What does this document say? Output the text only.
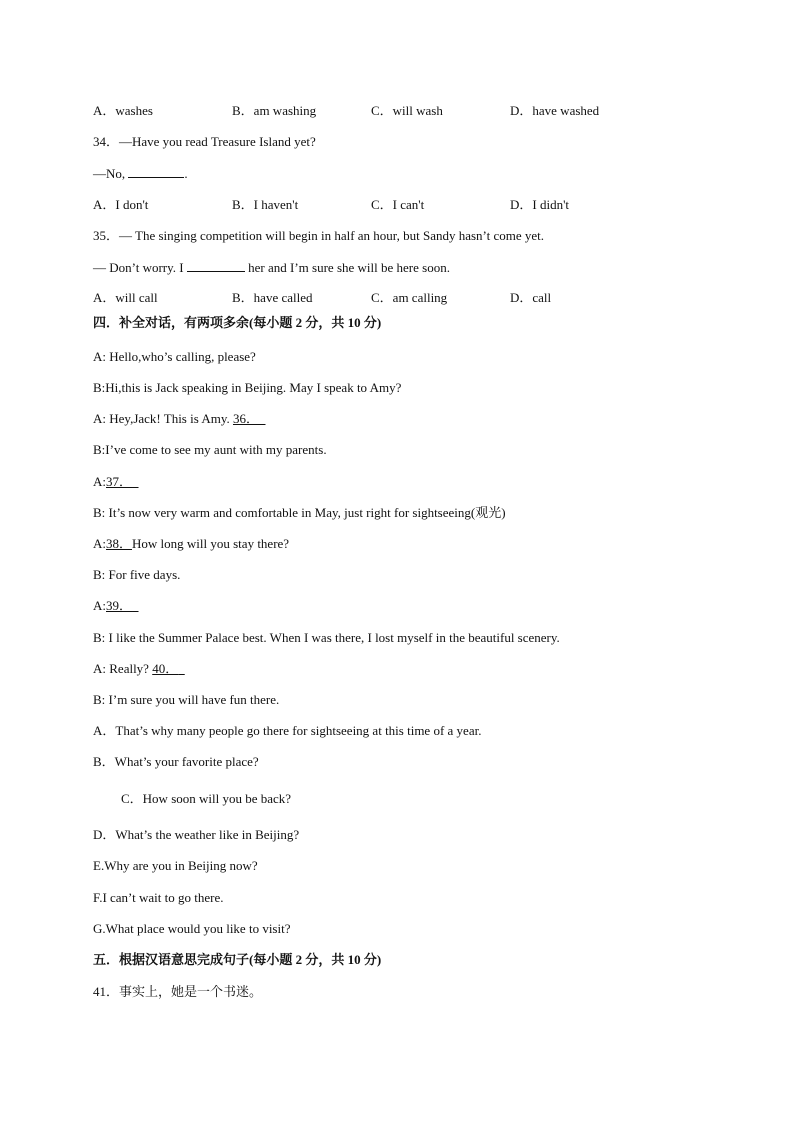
A．washes	B．am washing	C．will wash	D．have washed
34．—Have you read Treasure Island yet?
—No,	.
A．I don't	B．I haven't	C．I can't	D．I didn't
35．— The singing competition will begin in half an hour, but Sandy hasn’t come yet.
— Don’t worry. I	her and I’m sure she will be here soon.
A．will call	B．have called	C．am calling	D．call
四．补全对话，有两项多余(每小题 2 分，共 10 分)
A: Hello,who’s calling, please?
B:Hi,this is Jack speaking in Beijing. May I speak to Amy?
A: Hey,Jack! This is Amy. 36．
B:I’ve come to see my aunt with my parents.
A:37．
B: It’s now very warm and comfortable in May, just right for sightseeing(观光)
A:38．How long will you stay there?
B: For five days.
A:39．
B: I like the Summer Palace best. When I was there, I lost myself in the beautiful scenery.
A: Really? 40．
B: I’m sure you will have fun there.
A．That’s why many people go there for sightseeing at this time of a year.
B．What’s your favorite place?
C．How soon will you be back?
D．What’s the weather like in Beijing?
E.Why are you in Beijing now?
F.I can’t wait to go there.
G.What place would you like to visit?
五．根据汉语意思完成句子(每小题 2 分，共 10 分)
41．事实上，她是一个书迷。
